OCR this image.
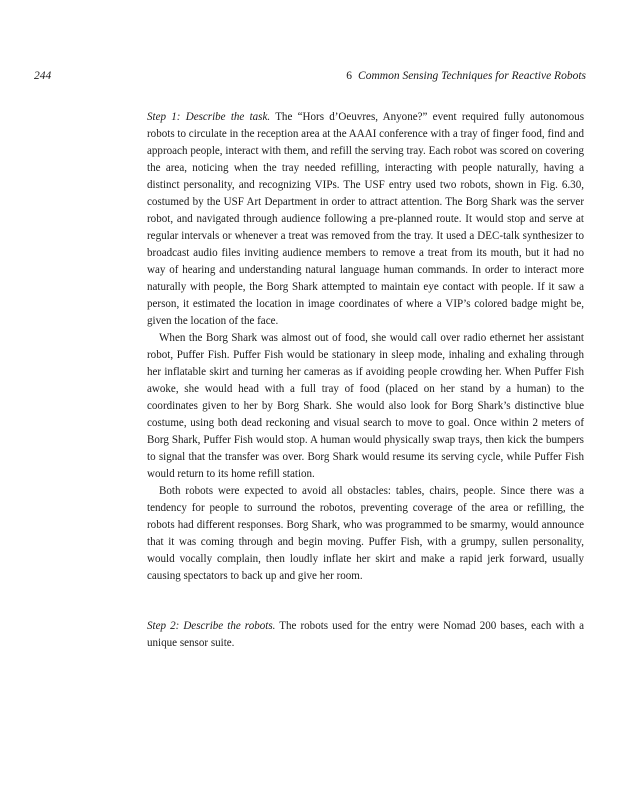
244	6 Common Sensing Techniques for Reactive Robots

Step 1: Describe the task. The “Hors d’Oeuvres, Anyone?” event required fully autonomous robots to circulate in the reception area at the AAAI conference with a tray of finger food, find and approach people, interact with them, and refill the serving tray. Each robot was scored on covering the area, noticing when the tray needed refilling, interacting with people naturally, having a distinct personality, and recognizing VIPs. The USF entry used two robots, shown in Fig. 6.30, costumed by the USF Art Department in order to attract attention. The Borg Shark was the server robot, and navigated through audience following a pre-planned route. It would stop and serve at regular intervals or whenever a treat was removed from the tray. It used a DEC-talk synthesizer to broadcast audio files inviting audience members to remove a treat from its mouth, but it had no way of hearing and understanding natural language human commands. In order to interact more naturally with people, the Borg Shark attempted to maintain eye contact with people. If it saw a person, it estimated the location in image coordinates of where a VIP’s colored badge might be, given the location of the face.

When the Borg Shark was almost out of food, she would call over radio ethernet her assistant robot, Puffer Fish. Puffer Fish would be stationary in sleep mode, inhaling and exhaling through her inflatable skirt and turning her cameras as if avoiding people crowding her. When Puffer Fish awoke, she would head with a full tray of food (placed on her stand by a human) to the coordinates given to her by Borg Shark. She would also look for Borg Shark’s distinctive blue costume, using both dead reckoning and visual search to move to goal. Once within 2 meters of Borg Shark, Puffer Fish would stop. A human would physically swap trays, then kick the bumpers to signal that the transfer was over. Borg Shark would resume its serving cycle, while Puffer Fish would return to its home refill station.

Both robots were expected to avoid all obstacles: tables, chairs, people. Since there was a tendency for people to surround the robotos, preventing coverage of the area or refilling, the robots had different responses. Borg Shark, who was programmed to be smarmy, would announce that it was coming through and begin moving. Puffer Fish, with a grumpy, sullen personality, would vocally complain, then loudly inflate her skirt and make a rapid jerk forward, usually causing spectators to back up and give her room.

Step 2: Describe the robots. The robots used for the entry were Nomad 200 bases, each with a unique sensor suite.
